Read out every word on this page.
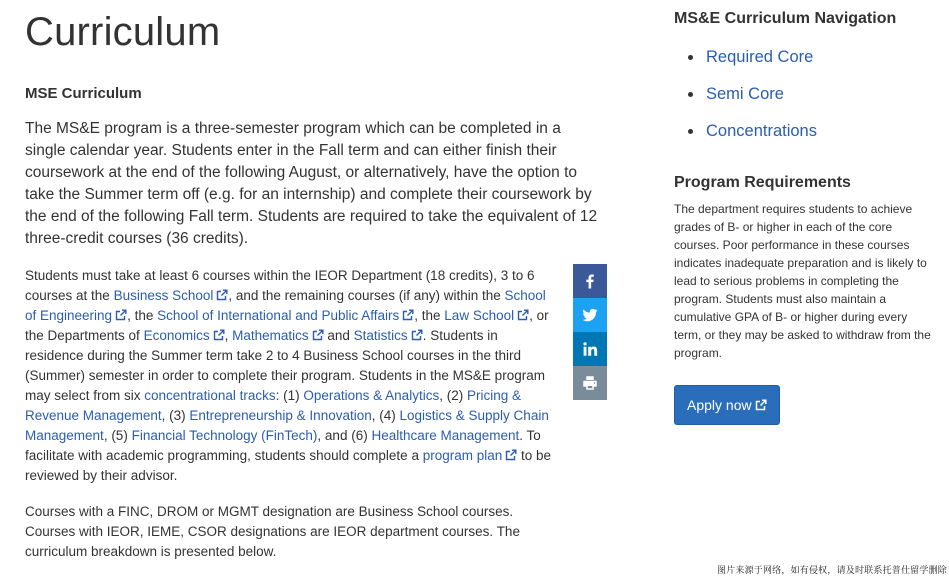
Curriculum
MSE Curriculum

The MS&E program is a three-semester program which can be completed in a single calendar year. Students enter in the Fall term and can either finish their coursework at the end of the following August, or alternatively, have the option to take the Summer term off (e.g. for an internship) and complete their coursework by the end of the following Fall term. Students are required to take the equivalent of 12 three-credit courses (36 credits).

Students must take at least 6 courses within the IEOR Department (18 credits), 3 to 6 courses at the Business School , and the remaining courses (if any) within the School of Engineering , the School of International and Public Affairs , the Law School , or the Departments of Economics , Mathematics and Statistics . Students in residence during the Summer term take 2 to 4 Business School courses in the third (Summer) semester in order to complete their program. Students in the MS&E program may select from six concentrational tracks: (1) Operations & Analytics, (2) Pricing & Revenue Management, (3) Entrepreneurship & Innovation, (4) Logistics & Supply Chain Management, (5) Financial Technology (FinTech), and (6) Healthcare Management. To facilitate with academic programming, students should complete a program plan to be reviewed by their advisor.

Courses with a FINC, DROM or MGMT designation are Business School courses. Courses with IEOR, IEME, CSOR designations are IEOR department courses. The curriculum breakdown is presented below.

MS&E Curriculum Navigation
Required Core
Semi Core
Concentrations
Program Requirements

The department requires students to achieve grades of B- or higher in each of the core courses. Poor performance in these courses indicates inadequate preparation and is likely to lead to serious problems in completing the program. Students must also maintain a cumulative GPA of B- or higher during every term, or they may be asked to withdraw from the program.

Apply now
图片来源于网络，如有侵权，请及时联系托普仕留学删除
